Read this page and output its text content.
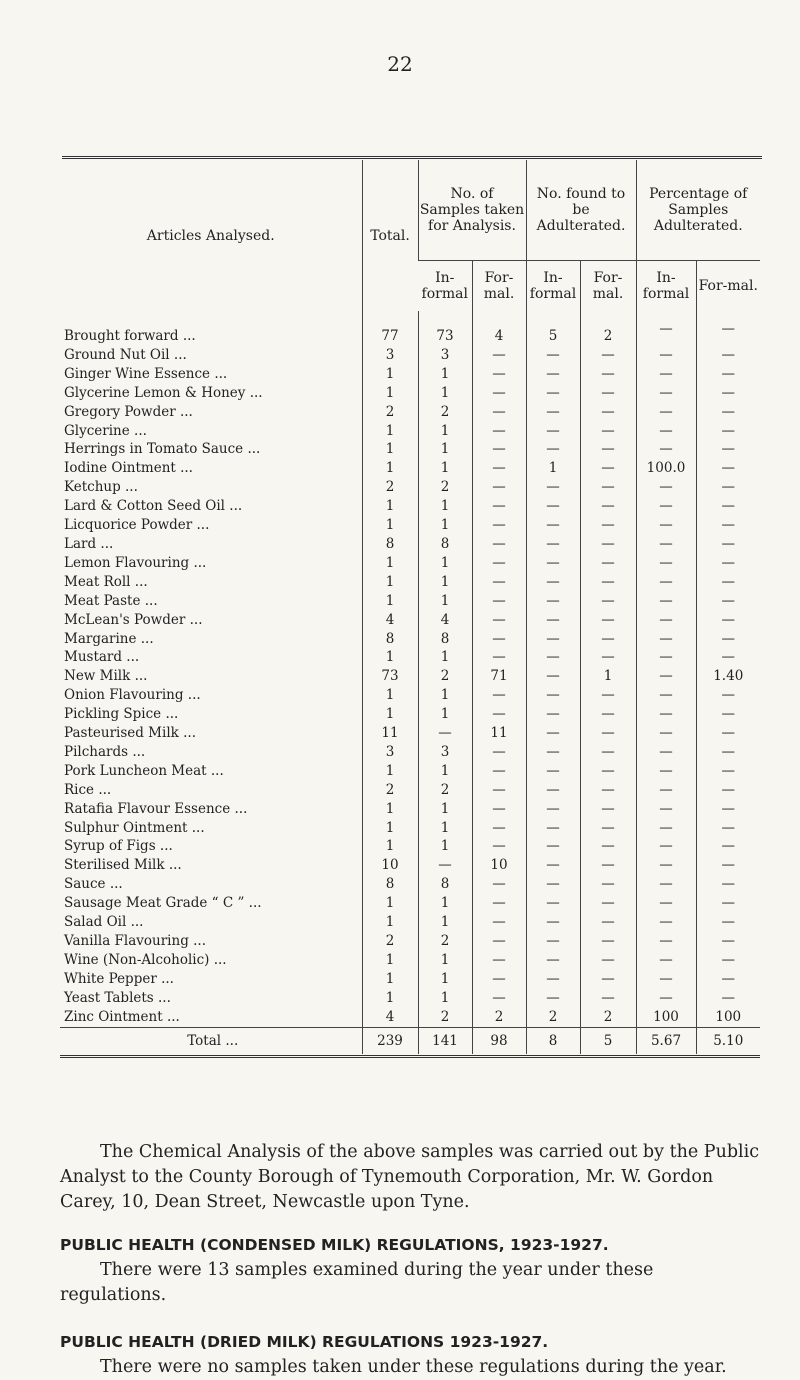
22
Articles Analysed.	Total.	No. of Samples taken for Analysis.		No. found to be Adulterated.		Percentage of Samples Adulterated.	
		In-formal	For-mal.	In-formal	For-mal.	In-formal	For-mal.
Brought forward ...	77	73	4	5	2	—	—

Ground Nut Oil ...	3	3	—	—	—	—	—
Ginger Wine Essence ...	1	1	—	—	—	—	—
Glycerine Lemon & Honey ...	1	1	—	—	—	—	—
Gregory Powder ...	2	2	—	—	—	—	—
Glycerine ...	1	1	—	—	—	—	—
Herrings in Tomato Sauce ...	1	1	—	—	—	—	—
Iodine Ointment ...	1	1	—	1	—	100.0	—
Ketchup ...	2	2	—	—	—	—	—
Lard & Cotton Seed Oil ...	1	1	—	—	—	—	—
Licquorice Powder ...	1	1	—	—	—	—	—
Lard ...	8	8	—	—	—	—	—
Lemon Flavouring ...	1	1	—	—	—	—	—
Meat Roll ...	1	1	—	—	—	—	—
Meat Paste ...	1	1	—	—	—	—	—
McLean's Powder ...	4	4	—	—	—	—	—
Margarine ...	8	8	—	—	—	—	—
Mustard ...	1	1	—	—	—	—	—
New Milk ...	73	2	71	—	1	—	1.40
Onion Flavouring ...	1	1	—	—	—	—	—
Pickling Spice ...	1	1	—	—	—	—	—
Pasteurised Milk ...	11	—	11	—	—	—	—
Pilchards ...	3	3	—	—	—	—	—
Pork Luncheon Meat ...	1	1	—	—	—	—	—
Rice ...	2	2	—	—	—	—	—
Ratafia Flavour Essence ...	1	1	—	—	—	—	—
Sulphur Ointment ...	1	1	—	—	—	—	—
Syrup of Figs ...	1	1	—	—	—	—	—
Sterilised Milk ...	10	—	10	—	—	—	—
Sauce ...	8	8	—	—	—	—	—
Sausage Meat Grade “ C ” ...	1	1	—	—	—	—	—
Salad Oil ...	1	1	—	—	—	—	—
Vanilla Flavouring ...	2	2	—	—	—	—	—
Wine (Non-Alcoholic) ...	1	1	—	—	—	—	—
White Pepper ...	1	1	—	—	—	—	—
Yeast Tablets ...	1	1	—	—	—	—	—
Zinc Ointment ...	4	2	2	2	2	100	100
Total ...	239	141	98	8	5	5.67	5.10

The Chemical Analysis of the above samples was carried out by the Public Analyst to the County Borough of Tynemouth Corporation, Mr. W. Gordon Carey, 10, Dean Street, Newcastle upon Tyne.

PUBLIC HEALTH (CONDENSED MILK) REGULATIONS, 1923-1927.

There were 13 samples examined during the year under these regulations.

PUBLIC HEALTH (DRIED MILK) REGULATIONS 1923-1927.

There were no samples taken under these regulations during the year.
